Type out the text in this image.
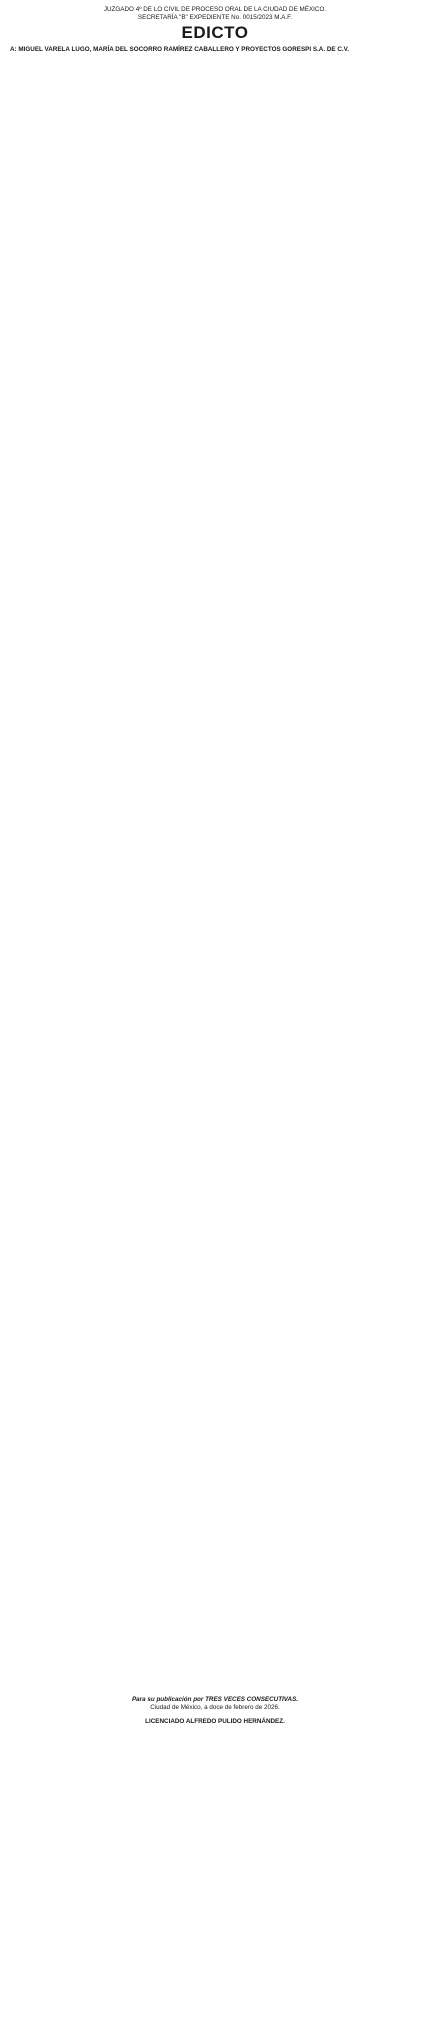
JUZGADO 4º DE LO CIVIL DE PROCESO ORAL DE LA CIUDAD DE MÉXICO.
SECRETARÍA "B" EXPEDIENTE No. 0015/2023 M.A.F.
EDICTO
A: MIGUEL VARELA LUGO, MARÍA DEL SOCORRO RAMÍREZ CABALLERO Y PROYECTOS GORESPI S.A. DE C.V.

Para su publicación por TRES VECES CONSECUTIVAS.
Ciudad de México, a doce de febrero de 2026.
LICENCIADO ALFREDO PULIDO HERNÁNDEZ.
